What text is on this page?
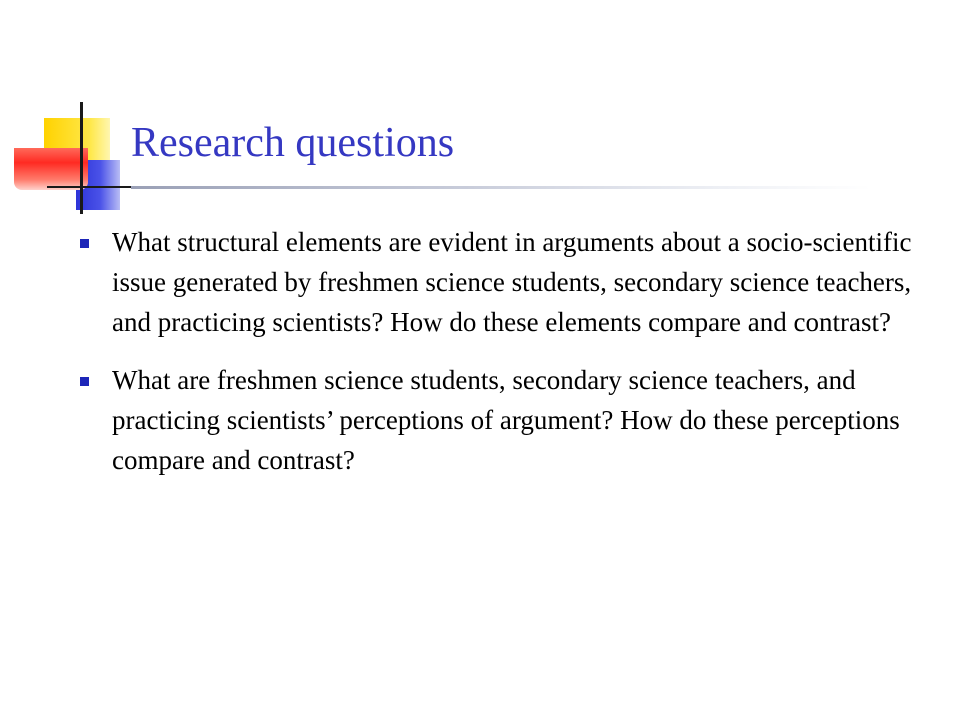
Research questions
What structural elements are evident in arguments about a socio-scientific issue generated by freshmen science students, secondary science teachers, and practicing scientists? How do these elements compare and contrast?
What are freshmen science students, secondary science teachers, and practicing scientists’ perceptions of argument? How do these perceptions compare and contrast?
